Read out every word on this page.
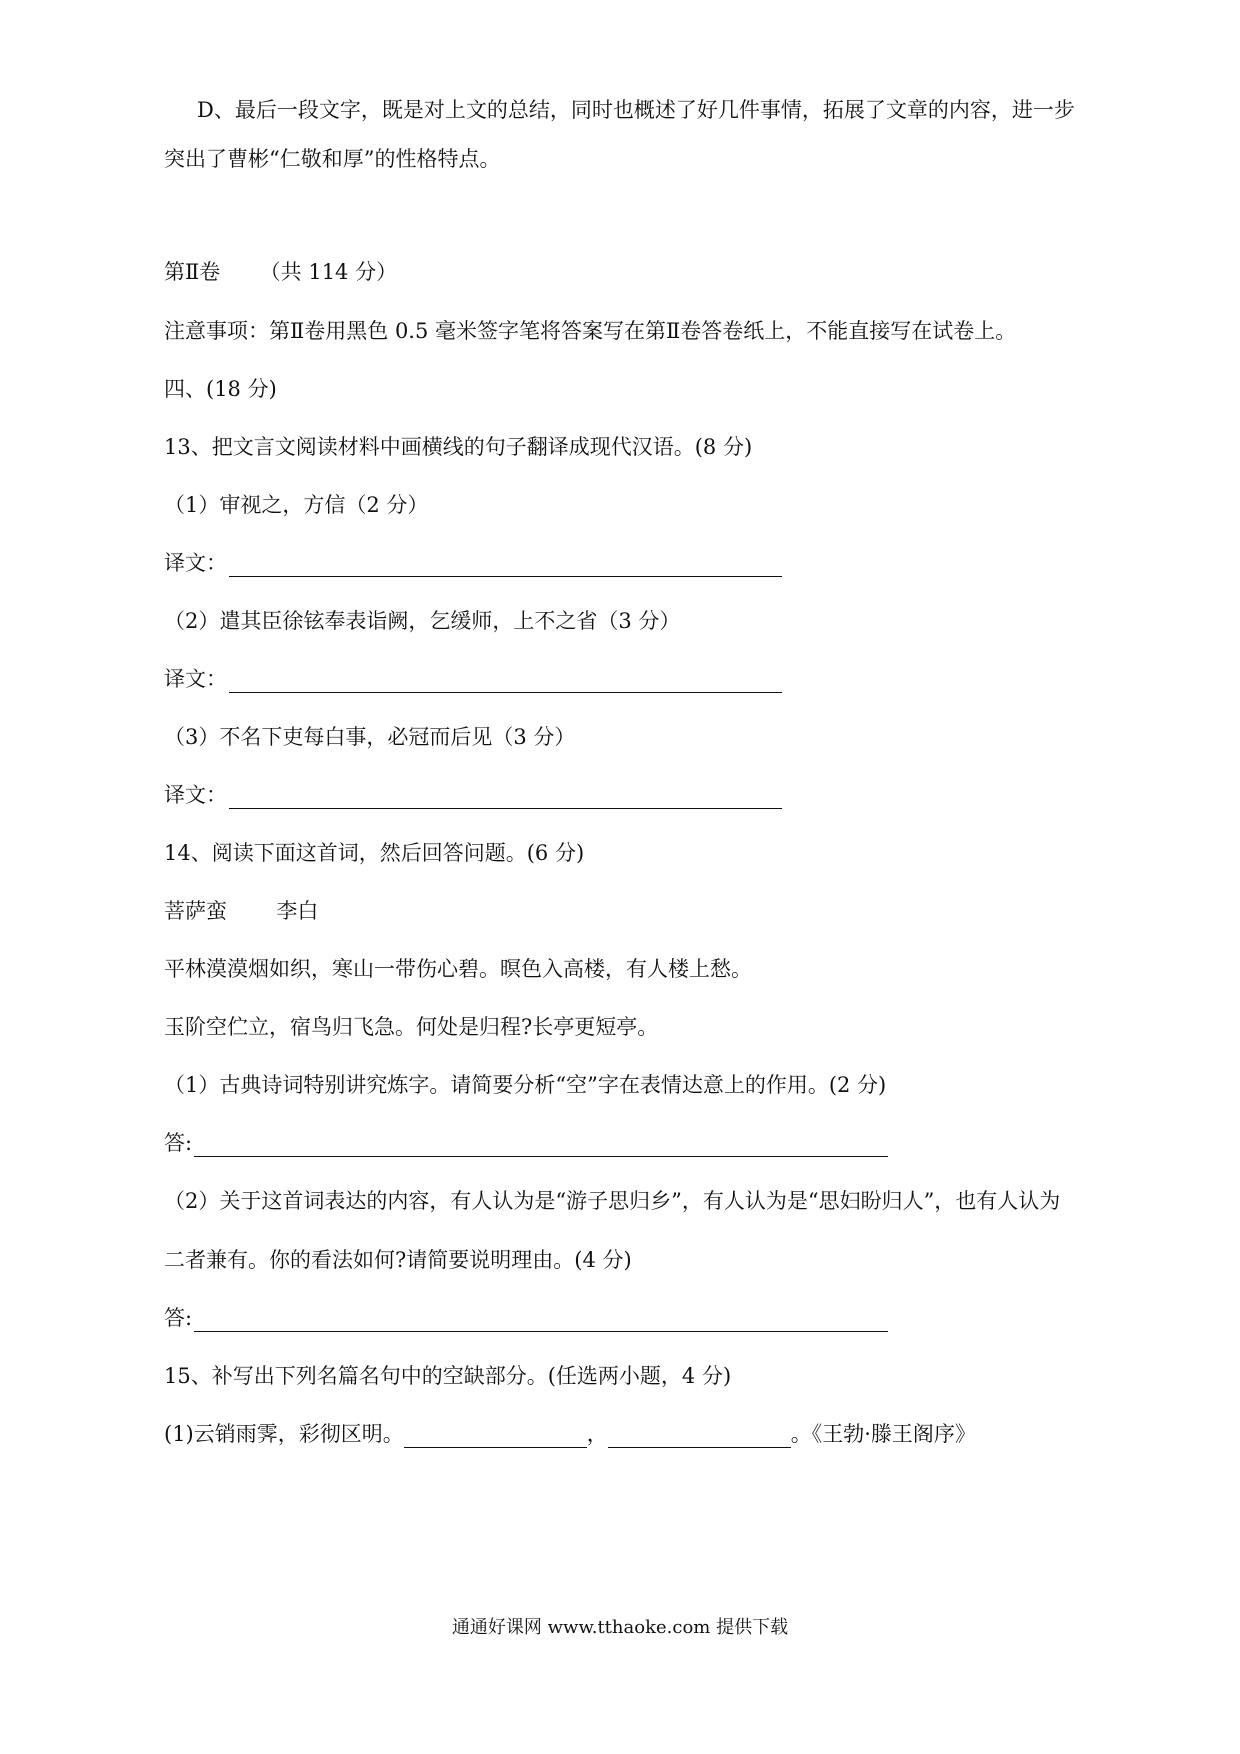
D、最后一段文字，既是对上文的总结，同时也概述了好几件事情，拓展了文章的内容，进一步
突出了曹彬“仁敬和厚”的性格特点。
第Ⅱ卷 （共 114 分）
注意事项：第Ⅱ卷用黑色 0.5 毫米签字笔将答案写在第Ⅱ卷答卷纸上，不能直接写在试卷上。
四、(18 分)
13、把文言文阅读材料中画横线的句子翻译成现代汉语。(8 分)
（1）审视之，方信（2 分）
译文：
（2）遣其臣徐铉奉表诣阙，乞缓师，上不之省（3 分）
译文：
（3）不名下吏每白事，必冠而后见（3 分）
译文：
14、阅读下面这首词，然后回答问题。(6 分)
菩萨蛮 李白
平林漠漠烟如织，寒山一带伤心碧。暝色入高楼，有人楼上愁。
玉阶空伫立，宿鸟归飞急。何处是归程?长亭更短亭。
（1）古典诗词特别讲究炼字。请简要分析“空”字在表情达意上的作用。(2 分)
答:
（2）关于这首词表达的内容，有人认为是“游子思归乡”，有人认为是“思妇盼归人”，也有人认为
二者兼有。你的看法如何?请简要说明理由。(4 分)
答:
15、补写出下列名篇名句中的空缺部分。(任选两小题，4 分)
(1)云销雨霁，彩彻区明。	，	。《王勃·滕王阁序》
通通好课网 www.tthaoke.com 提供下载
